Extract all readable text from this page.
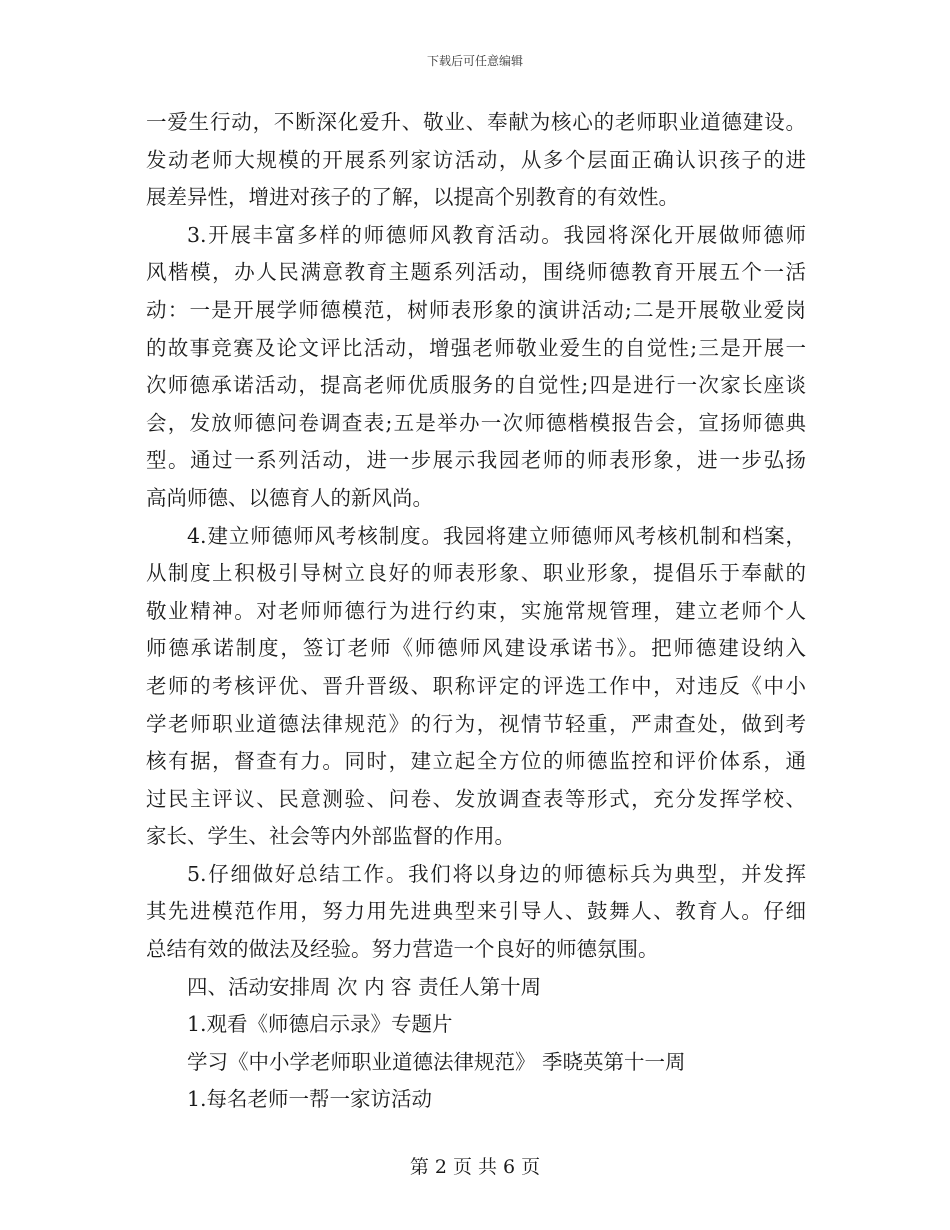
下载后可任意编辑
一爱生行动，不断深化爱升、敬业、奉献为核心的老师职业道德建设。
发动老师大规模的开展系列家访活动，从多个层面正确认识孩子的进
展差异性，增进对孩子的了解，以提高个别教育的有效性。
3.开展丰富多样的师德师风教育活动。我园将深化开展做师德师
风楷模，办人民满意教育主题系列活动，围绕师德教育开展五个一活
动：一是开展学师德模范，树师表形象的演讲活动;二是开展敬业爱岗
的故事竞赛及论文评比活动，增强老师敬业爱生的自觉性;三是开展一
次师德承诺活动，提高老师优质服务的自觉性;四是进行一次家长座谈
会，发放师德问卷调查表;五是举办一次师德楷模报告会，宣扬师德典
型。通过一系列活动，进一步展示我园老师的师表形象，进一步弘扬
高尚师德、以德育人的新风尚。
4.建立师德师风考核制度。我园将建立师德师风考核机制和档案，
从制度上积极引导树立良好的师表形象、职业形象，提倡乐于奉献的
敬业精神。对老师师德行为进行约束，实施常规管理，建立老师个人
师德承诺制度，签订老师《师德师风建设承诺书》。把师德建设纳入
老师的考核评优、晋升晋级、职称评定的评选工作中，对违反《中小
学老师职业道德法律规范》的行为，视情节轻重，严肃查处，做到考
核有据，督查有力。同时，建立起全方位的师德监控和评价体系，通
过民主评议、民意测验、问卷、发放调查表等形式，充分发挥学校、
家长、学生、社会等内外部监督的作用。
5.仔细做好总结工作。我们将以身边的师德标兵为典型，并发挥
其先进模范作用，努力用先进典型来引导人、鼓舞人、教育人。仔细
总结有效的做法及经验。努力营造一个良好的师德氛围。
四、活动安排周 次 内 容 责任人第十周
1.观看《师德启示录》专题片
学习《中小学老师职业道德法律规范》 季晓英第十一周
1.每名老师一帮一家访活动
第 2 页 共 6 页
